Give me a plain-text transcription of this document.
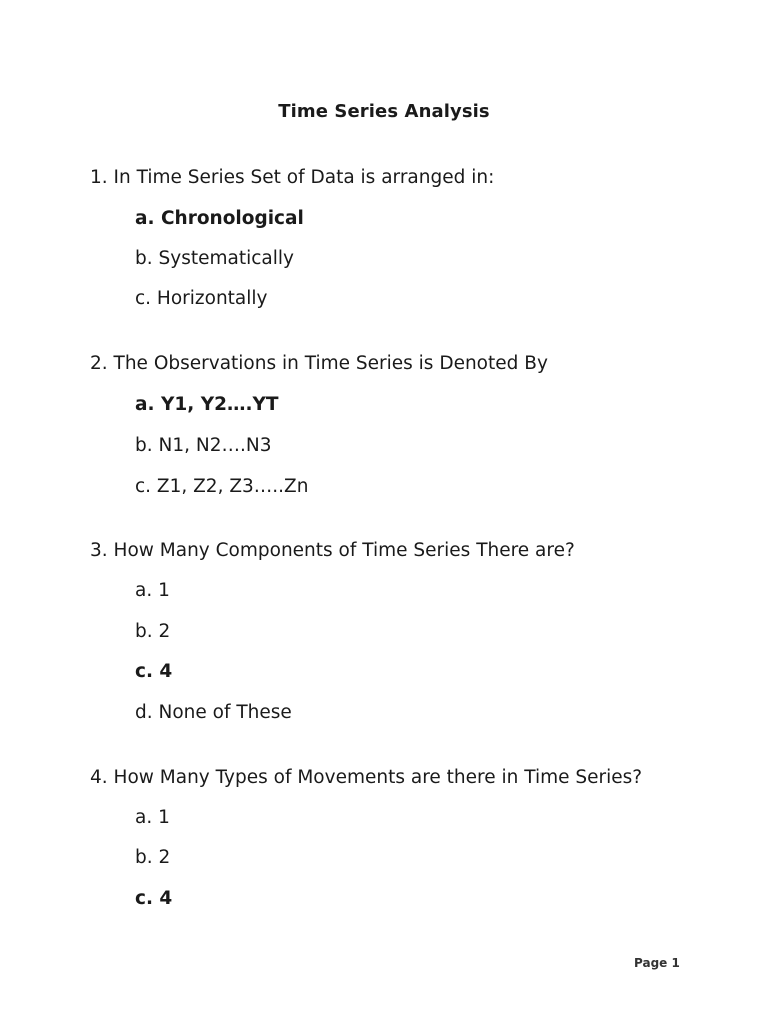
Time Series Analysis
1. In Time Series Set of Data is arranged in:
a. Chronological
b. Systematically
c. Horizontally
2. The Observations in Time Series is Denoted By
a. Y1, Y2….YT
b. N1, N2….N3
c. Z1, Z2, Z3…..Zn
3. How Many Components of Time Series There are?
a. 1
b. 2
c. 4
d. None of These
4. How Many Types of Movements are there in Time Series?
a. 1
b. 2
c. 4
Page 1
